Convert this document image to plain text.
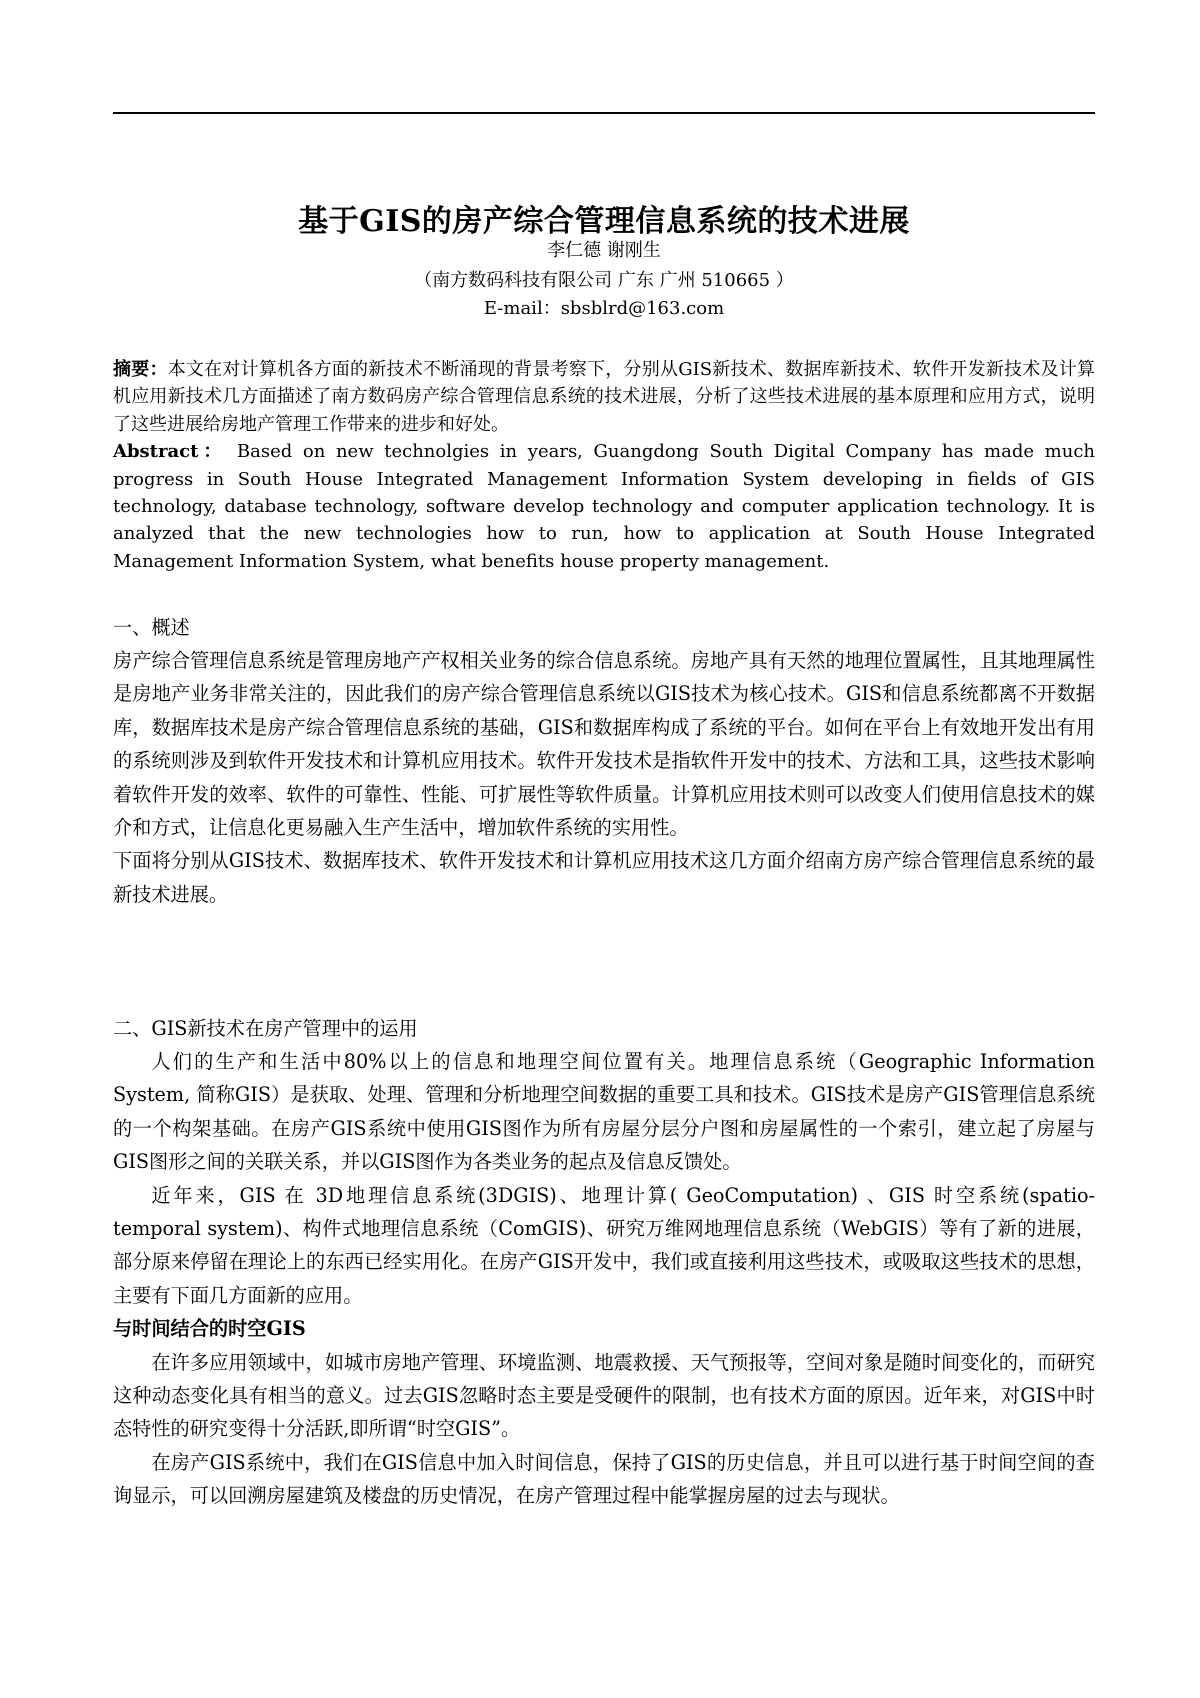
基于GIS的房产综合管理信息系统的技术进展
李仁德 谢刚生
（南方数码科技有限公司 广东 广州 510665 ）
E-mail：sbsblrd@163.com

摘要：本文在对计算机各方面的新技术不断涌现的背景考察下，分别从GIS新技术、数据库新技术、软件开发新技术及计算机应用新技术几方面描述了南方数码房产综合管理信息系统的技术进展，分析了这些技术进展的基本原理和应用方式，说明了这些进展给房地产管理工作带来的进步和好处。

Abstract： Based on new technolgies in years, Guangdong South Digital Company has made much progress in South House Integrated Management Information System developing in fields of GIS technology, database technology, software develop technology and computer application technology. It is analyzed that the new technologies how to run, how to application at South House Integrated Management Information System, what benefits house property management.

一、概述

房产综合管理信息系统是管理房地产产权相关业务的综合信息系统。房地产具有天然的地理位置属性，且其地理属性是房地产业务非常关注的，因此我们的房产综合管理信息系统以GIS技术为核心技术。GIS和信息系统都离不开数据库，数据库技术是房产综合管理信息系统的基础，GIS和数据库构成了系统的平台。如何在平台上有效地开发出有用的系统则涉及到软件开发技术和计算机应用技术。软件开发技术是指软件开发中的技术、方法和工具，这些技术影响着软件开发的效率、软件的可靠性、性能、可扩展性等软件质量。计算机应用技术则可以改变人们使用信息技术的媒介和方式，让信息化更易融入生产生活中，增加软件系统的实用性。

下面将分别从GIS技术、数据库技术、软件开发技术和计算机应用技术这几方面介绍南方房产综合管理信息系统的最新技术进展。

二、GIS新技术在房产管理中的运用

人们的生产和生活中80%以上的信息和地理空间位置有关。地理信息系统（Geographic Information System, 简称GIS）是获取、处理、管理和分析地理空间数据的重要工具和技术。GIS技术是房产GIS管理信息系统的一个构架基础。在房产GIS系统中使用GIS图作为所有房屋分层分户图和房屋属性的一个索引，建立起了房屋与GIS图形之间的关联关系，并以GIS图作为各类业务的起点及信息反馈处。

近年来，GIS 在 3D地理信息系统(3DGIS)、地理计算( GeoComputation) 、GIS 时空系统(spatio-temporal system)、构件式地理信息系统（ComGIS)、研究万维网地理信息系统（WebGIS）等有了新的进展，部分原来停留在理论上的东西已经实用化。在房产GIS开发中，我们或直接利用这些技术，或吸取这些技术的思想，主要有下面几方面新的应用。

与时间结合的时空GIS

在许多应用领域中，如城市房地产管理、环境监测、地震救援、天气预报等，空间对象是随时间变化的，而研究这种动态变化具有相当的意义。过去GIS忽略时态主要是受硬件的限制，也有技术方面的原因。近年来，对GIS中时态特性的研究变得十分活跃,即所谓“时空GIS”。

在房产GIS系统中，我们在GIS信息中加入时间信息，保持了GIS的历史信息，并且可以进行基于时间空间的查询显示，可以回溯房屋建筑及楼盘的历史情况，在房产管理过程中能掌握房屋的过去与现状。
